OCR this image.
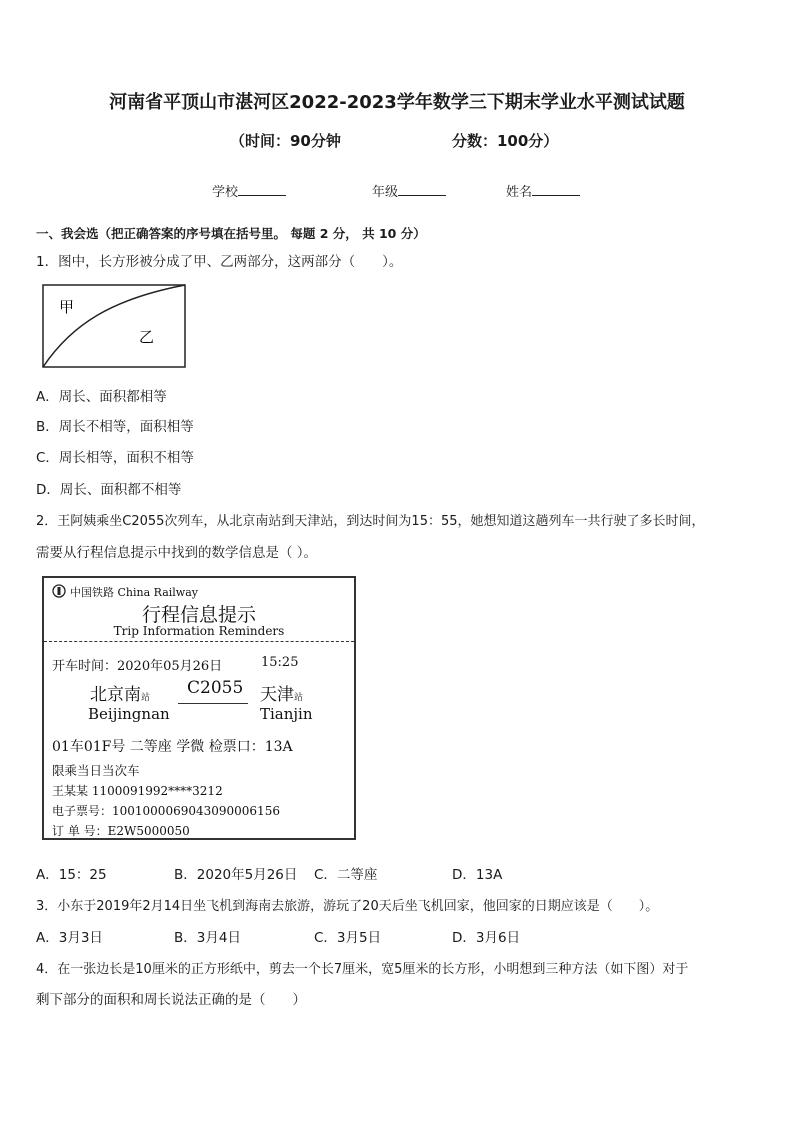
河南省平顶山市湛河区2022-2023学年数学三下期末学业水平测试试题
（时间：90分钟	分数：100分）
学校	年级	姓名
一、我会选（把正确答案的序号填在括号里。 每题 2 分， 共 10 分）
1．图中，长方形被分成了甲、乙两部分，这两部分（　　）。
甲
乙
A．周长、面积都相等
B．周长不相等，面积相等
C．周长相等，面积不相等
D．周长、面积都不相等
2．王阿姨乘坐C2055次列车，从北京南站到天津站，到达时间为15：55，她想知道这趟列车一共行驶了多长时间，
需要从行程信息提示中找到的数学信息是（ ）。
中国铁路 China Railway
行程信息提示
Trip Information Reminders
开车时间：2020年05月26日	15:25
北京南站 C2055 天津站
Beijingnan	Tianjin
01车01F号 二等座 学微 检票口：13A
限乘当日当次车
王某某 1100091992****3212
电子票号：1001000069043090006156
订 单 号：E2W5000050
A．15：25	B．2020年5月26日 C．二等座	D．13A
3．小东于2019年2月14日坐飞机到海南去旅游，游玩了20天后坐飞机回家，他回家的日期应该是（　　）。
A．3月3日	B．3月4日	C．3月5日	D．3月6日
4．在一张边长是10厘米的正方形纸中，剪去一个长7厘米，宽5厘米的长方形，小明想到三种方法（如下图）对于
剩下部分的面积和周长说法正确的是（　　）
